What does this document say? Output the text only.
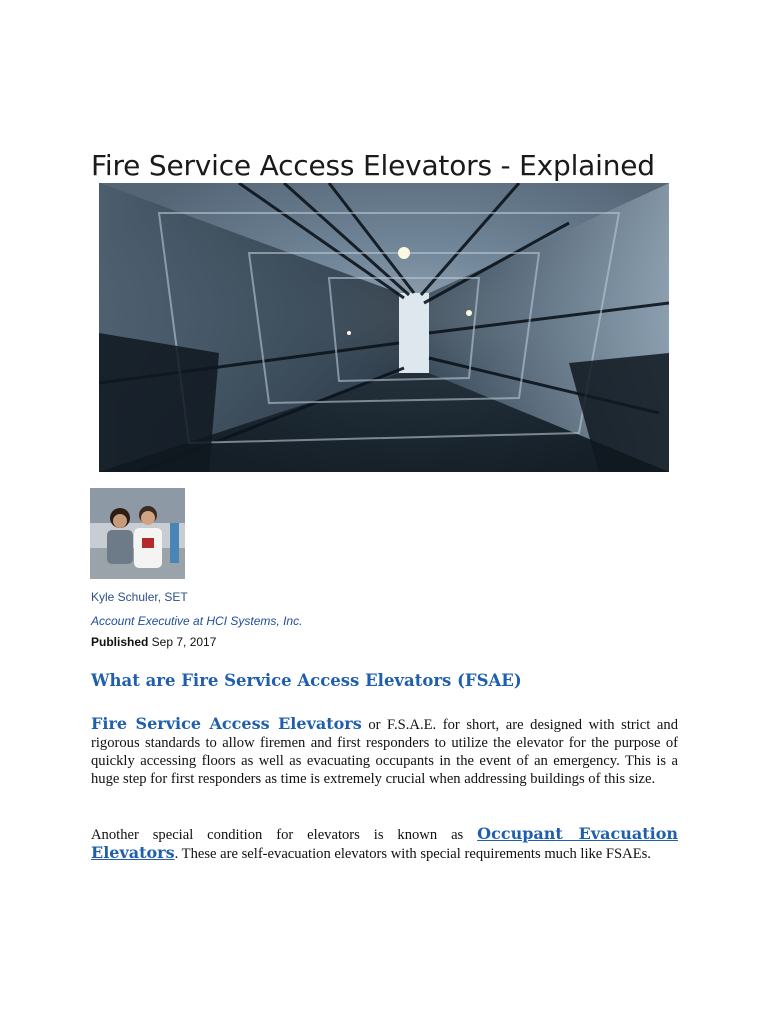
Fire Service Access Elevators - Explained
Kyle Schuler, SET
Account Executive at HCI Systems, Inc.
Published Sep 7, 2017
What are Fire Service Access Elevators (FSAE)

Fire Service Access Elevators or F.S.A.E. for short, are designed with strict and rigorous standards to allow firemen and first responders to utilize the elevator for the purpose of quickly accessing floors as well as evacuating occupants in the event of an emergency. This is a huge step for first responders as time is extremely crucial when addressing buildings of this size.

Another special condition for elevators is known as Occupant Evacuation Elevators. These are self-evacuation elevators with special requirements much like FSAEs.
